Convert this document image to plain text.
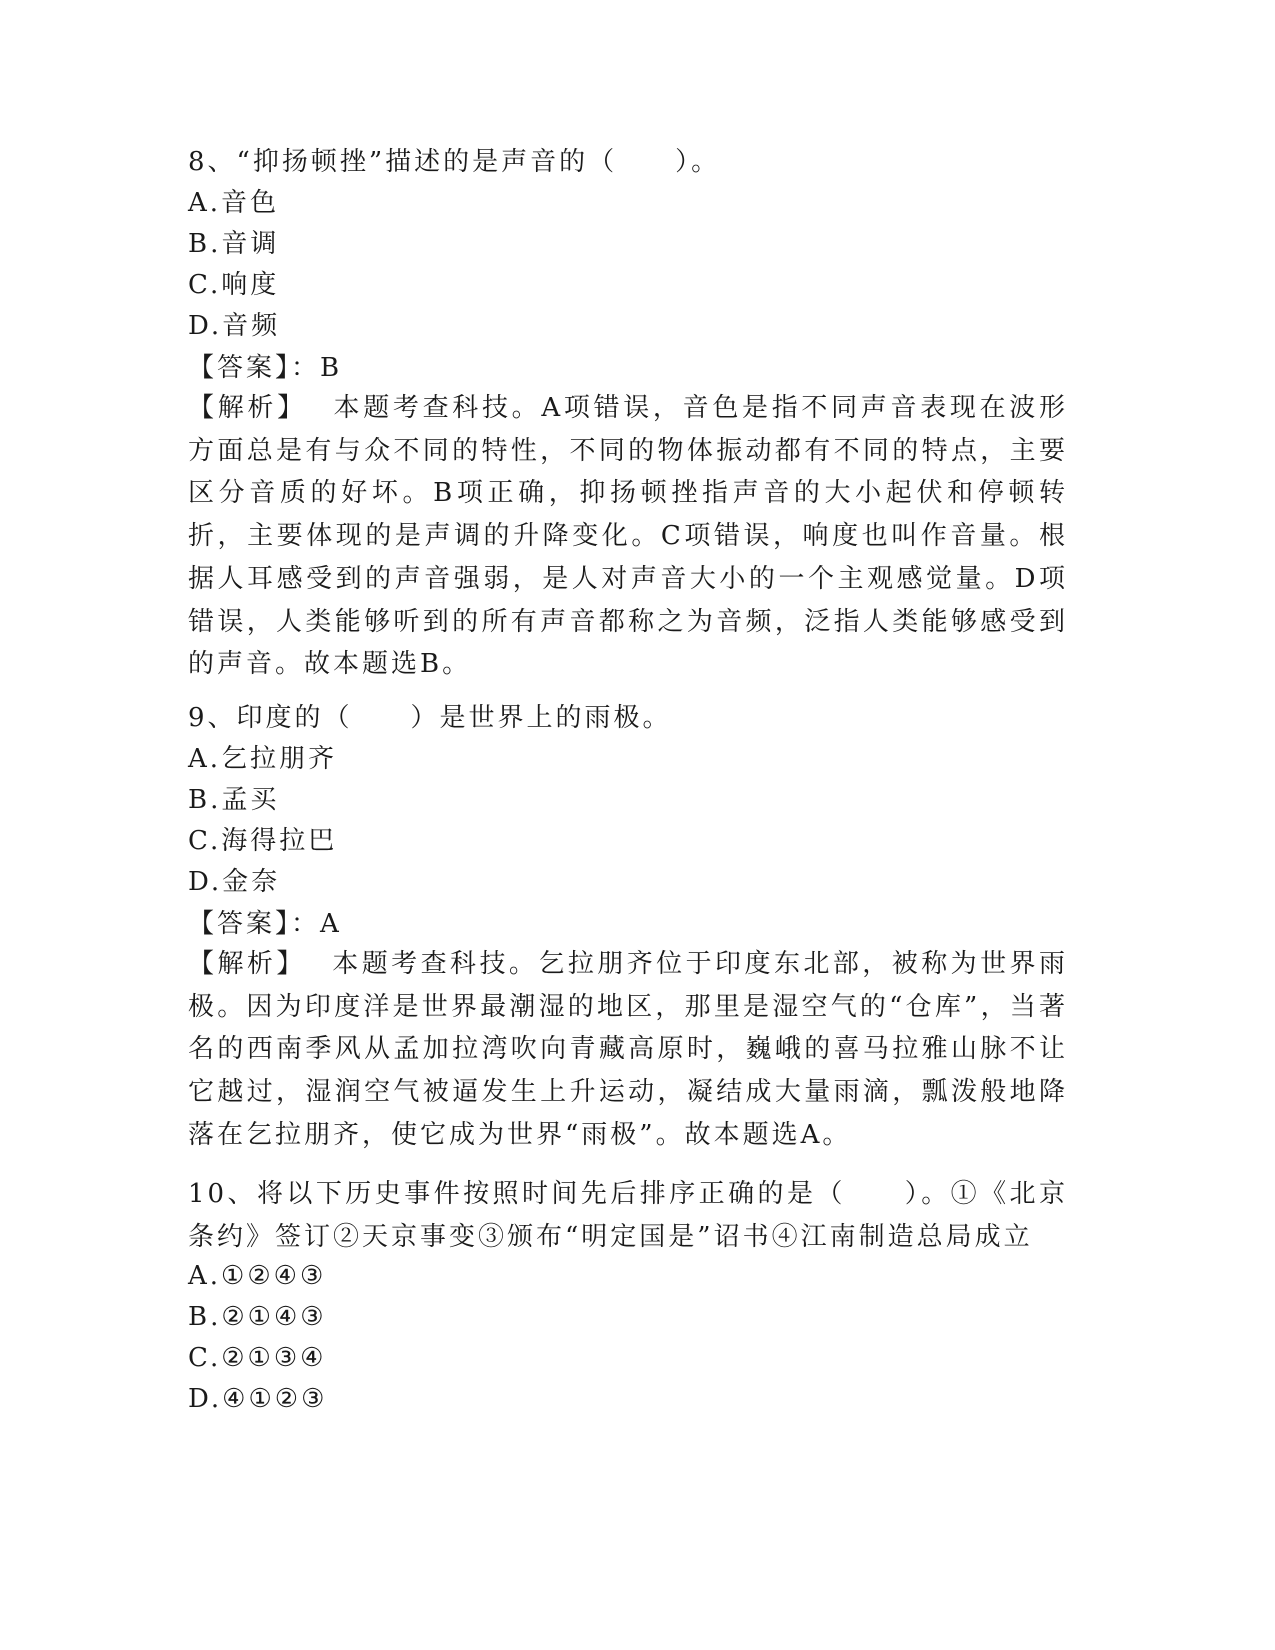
8、“抑扬顿挫”描述的是声音的（　　）。
A.音色
B.音调
C.响度
D.音频
【答案】：B
【解析】 本题考查科技。A项错误，音色是指不同声音表现在波形方面总是有与众不同的特性，不同的物体振动都有不同的特点，主要区分音质的好坏。B项正确，抑扬顿挫指声音的大小起伏和停顿转折，主要体现的是声调的升降变化。C项错误，响度也叫作音量。根据人耳感受到的声音强弱，是人对声音大小的一个主观感觉量。D项错误，人类能够听到的所有声音都称之为音频，泛指人类能够感受到的声音。故本题选B。
9、印度的（　　）是世界上的雨极。
A.乞拉朋齐
B.孟买
C.海得拉巴
D.金奈
【答案】：A
【解析】 本题考查科技。乞拉朋齐位于印度东北部，被称为世界雨极。因为印度洋是世界最潮湿的地区，那里是湿空气的“仓库”，当著名的西南季风从孟加拉湾吹向青藏高原时，巍峨的喜马拉雅山脉不让它越过，湿润空气被逼发生上升运动，凝结成大量雨滴，瓢泼般地降落在乞拉朋齐，使它成为世界“雨极”。故本题选A。
10、将以下历史事件按照时间先后排序正确的是（　　）。①《北京条约》签订②天京事变③颁布“明定国是”诏书④江南制造总局成立
A.①②④③
B.②①④③
C.②①③④
D.④①②③
